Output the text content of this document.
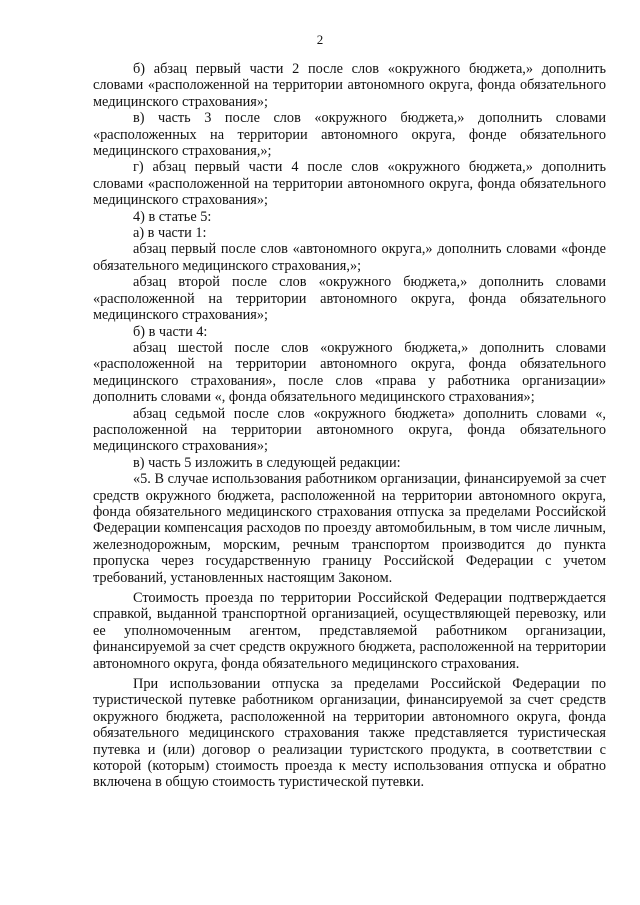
2

б) абзац первый части 2 после слов «окружного бюджета,» дополнить словами «расположенной на территории автономного округа, фонда обязательного медицинского страхования»;

в) часть 3 после слов «окружного бюджета,» дополнить словами «расположенных на территории автономного округа, фонде обязательного медицинского страхования,»;

г) абзац первый части 4 после слов «окружного бюджета,» дополнить словами «расположенной на территории автономного округа, фонда обязательного медицинского страхования»;

4) в статье 5:

а) в части 1:

абзац первый после слов «автономного округа,» дополнить словами «фонде обязательного медицинского страхования,»;

абзац второй после слов «окружного бюджета,» дополнить словами «расположенной на территории автономного округа, фонда обязательного медицинского страхования»;

б) в части 4:

абзац шестой после слов «окружного бюджета,» дополнить словами «расположенной на территории автономного округа, фонда обязательного медицинского страхования», после слов «права у работника организации» дополнить словами «, фонда обязательного медицинского страхования»;

абзац седьмой после слов «окружного бюджета» дополнить словами «, расположенной на территории автономного округа, фонда обязательного медицинского страхования»;

в) часть 5 изложить в следующей редакции:

«5. В случае использования работником организации, финансируемой за счет средств окружного бюджета, расположенной на территории автономного округа, фонда обязательного медицинского страхования отпуска за пределами Российской Федерации компенсация расходов по проезду автомобильным, в том числе личным, железнодорожным, морским, речным транспортом производится до пункта пропуска через государственную границу Российской Федерации с учетом требований, установленных настоящим Законом.

Стоимость проезда по территории Российской Федерации подтверждается справкой, выданной транспортной организацией, осуществляющей перевозку, или ее уполномоченным агентом, представляемой работником организации, финансируемой за счет средств окружного бюджета, расположенной на территории автономного округа, фонда обязательного медицинского страхования.

При использовании отпуска за пределами Российской Федерации по туристической путевке работником организации, финансируемой за счет средств окружного бюджета, расположенной на территории автономного округа, фонда обязательного медицинского страхования также представляется туристическая путевка и (или) договор о реализации туристского продукта, в соответствии с которой (которым) стоимость проезда к месту использования отпуска и обратно включена в общую стоимость туристической путевки.
